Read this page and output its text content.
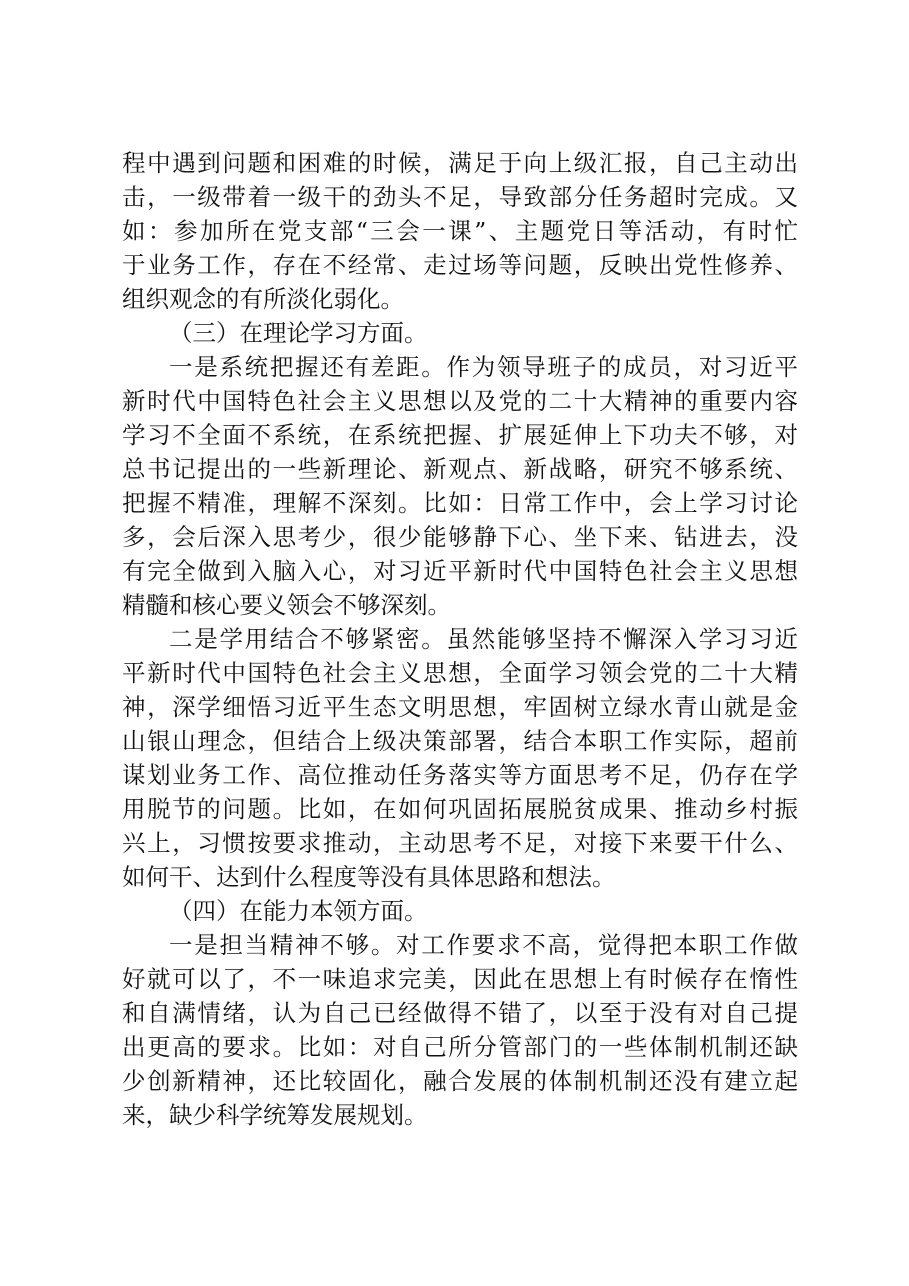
程中遇到问题和困难的时候，满足于向上级汇报，自己主动出
击，一级带着一级干的劲头不足，导致部分任务超时完成。又
如：参加所在党支部“三会一课”、主题党日等活动，有时忙
于业务工作，存在不经常、走过场等问题，反映出党性修养、
组织观念的有所淡化弱化。
（三）在理论学习方面。
一是系统把握还有差距。作为领导班子的成员，对习近平
新时代中国特色社会主义思想以及党的二十大精神的重要内容
学习不全面不系统，在系统把握、扩展延伸上下功夫不够，对
总书记提出的一些新理论、新观点、新战略，研究不够系统、
把握不精准，理解不深刻。比如：日常工作中，会上学习讨论
多，会后深入思考少，很少能够静下心、坐下来、钻进去，没
有完全做到入脑入心，对习近平新时代中国特色社会主义思想
精髓和核心要义领会不够深刻。
二是学用结合不够紧密。虽然能够坚持不懈深入学习习近
平新时代中国特色社会主义思想，全面学习领会党的二十大精
神，深学细悟习近平生态文明思想，牢固树立绿水青山就是金
山银山理念，但结合上级决策部署，结合本职工作实际，超前
谋划业务工作、高位推动任务落实等方面思考不足，仍存在学
用脱节的问题。比如，在如何巩固拓展脱贫成果、推动乡村振
兴上，习惯按要求推动，主动思考不足，对接下来要干什么、
如何干、达到什么程度等没有具体思路和想法。
（四）在能力本领方面。
一是担当精神不够。对工作要求不高，觉得把本职工作做
好就可以了，不一味追求完美，因此在思想上有时候存在惰性
和自满情绪，认为自己已经做得不错了，以至于没有对自己提
出更高的要求。比如：对自己所分管部门的一些体制机制还缺
少创新精神，还比较固化，融合发展的体制机制还没有建立起
来，缺少科学统筹发展规划。
